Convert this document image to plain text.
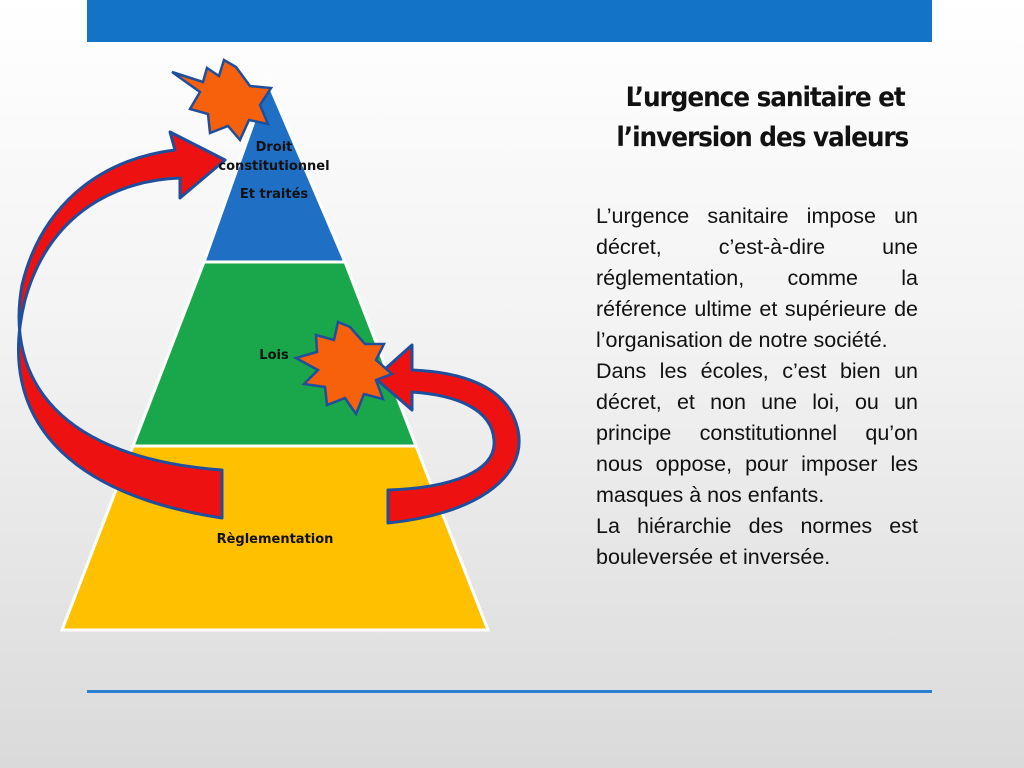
Droit
constitutionnel
Et traités
Lois
Règlementation
L’urgence sanitaire et
l’inversion des valeurs

L’urgence sanitaire impose un décret, c’est-à-dire une réglementation, comme la référence ultime et supérieure de l’organisation de notre société.

Dans les écoles, c’est bien un décret, et non une loi, ou un principe constitutionnel qu’on nous oppose, pour imposer les masques à nos enfants.

La hiérarchie des normes est bouleversée et inversée.
